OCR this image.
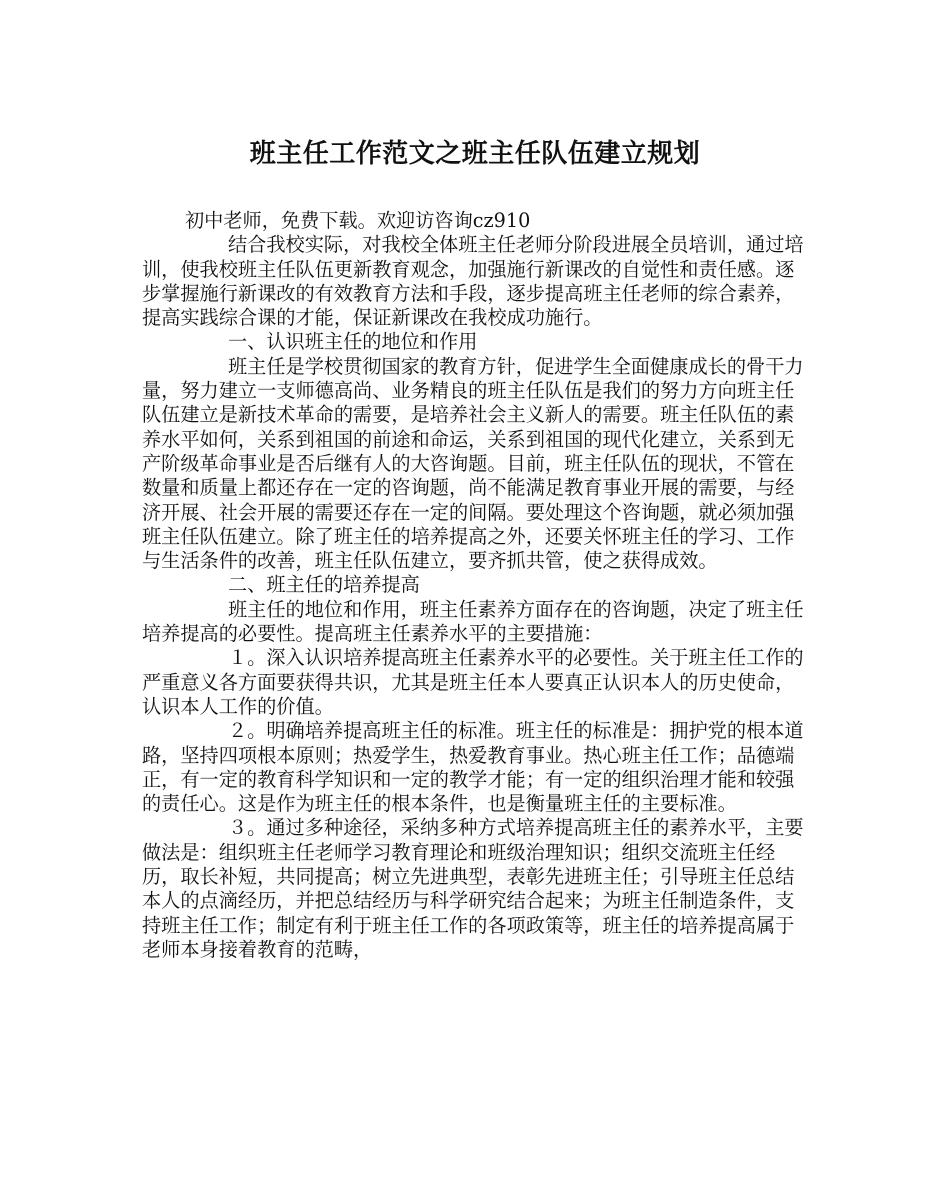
班主任工作范文之班主任队伍建立规划

初中老师，免费下载。欢迎访咨询cz910

结合我校实际，对我校全体班主任老师分阶段进展全员培训，通过培训，使我校班主任队伍更新教育观念，加强施行新课改的自觉性和责任感。逐步掌握施行新课改的有效教育方法和手段，逐步提高班主任老师的综合素养，提高实践综合课的才能，保证新课改在我校成功施行。

一、认识班主任的地位和作用

班主任是学校贯彻国家的教育方针，促进学生全面健康成长的骨干力量，努力建立一支师德高尚、业务精良的班主任队伍是我们的努力方向班主任队伍建立是新技术革命的需要，是培养社会主义新人的需要。班主任队伍的素养水平如何，关系到祖国的前途和命运，关系到祖国的现代化建立，关系到无产阶级革命事业是否后继有人的大咨询题。目前，班主任队伍的现状，不管在数量和质量上都还存在一定的咨询题，尚不能满足教育事业开展的需要，与经济开展、社会开展的需要还存在一定的间隔。要处理这个咨询题，就必须加强班主任队伍建立。除了班主任的培养提高之外，还要关怀班主任的学习、工作与生活条件的改善，班主任队伍建立，要齐抓共管，使之获得成效。

二、班主任的培养提高

班主任的地位和作用，班主任素养方面存在的咨询题，决定了班主任培养提高的必要性。提高班主任素养水平的主要措施：

１。深入认识培养提高班主任素养水平的必要性。关于班主任工作的严重意义各方面要获得共识，尤其是班主任本人要真正认识本人的历史使命，认识本人工作的价值。

２。明确培养提高班主任的标准。班主任的标准是：拥护党的根本道路，坚持四项根本原则；热爱学生，热爱教育事业。热心班主任工作；品德端正，有一定的教育科学知识和一定的教学才能；有一定的组织治理才能和较强的责任心。这是作为班主任的根本条件，也是衡量班主任的主要标准。

３。通过多种途径，采纳多种方式培养提高班主任的素养水平，主要做法是：组织班主任老师学习教育理论和班级治理知识；组织交流班主任经历，取长补短，共同提高；树立先进典型，表彰先进班主任；引导班主任总结本人的点滴经历，并把总结经历与科学研究结合起来；为班主任制造条件，支持班主任工作；制定有利于班主任工作的各项政策等，班主任的培养提高属于老师本身接着教育的范畴，
